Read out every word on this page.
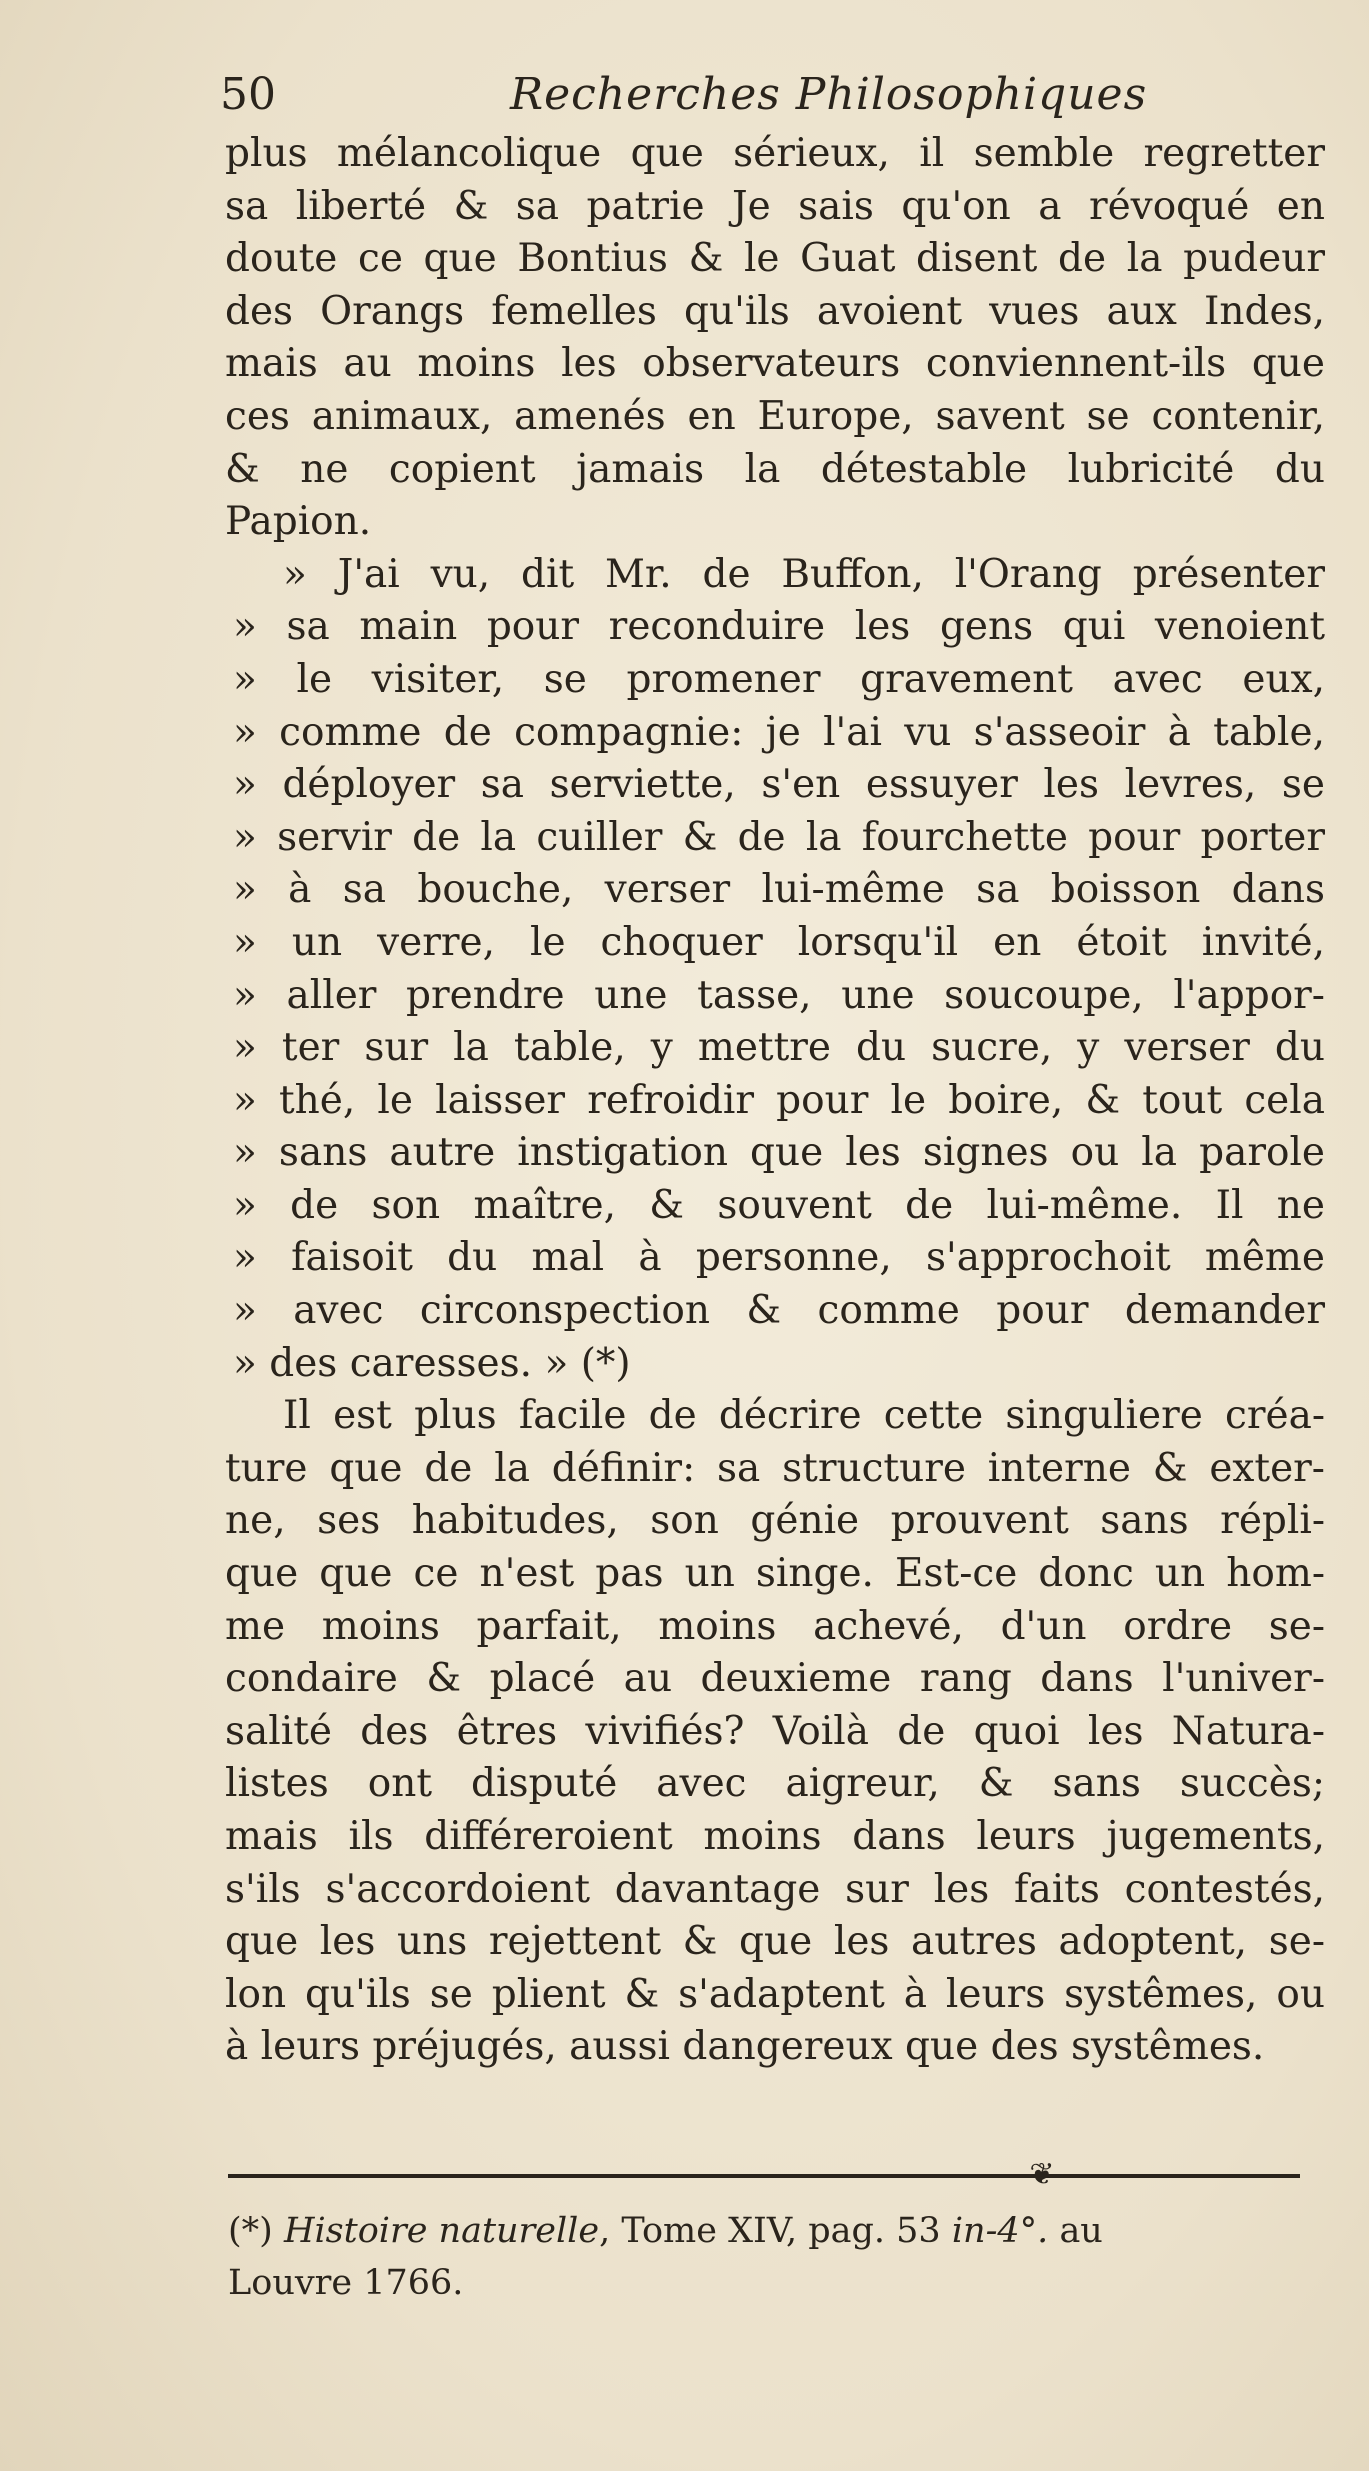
50	Recherches Philosophiques
plus mélancolique que sérieux, il semble regretter
sa liberté & sa patrie Je sais qu'on a révoqué en
doute ce que Bontius & le Guat disent de la pudeur
des Orangs femelles qu'ils avoient vues aux Indes,
mais au moins les observateurs conviennent-ils que
ces animaux, amenés en Europe, savent se contenir,
& ne copient jamais la détestable lubricité du
Papion.
» J'ai vu, dit Mr. de Buffon, l'Orang présenter
» sa main pour reconduire les gens qui venoient
» le visiter, se promener gravement avec eux,
» comme de compagnie: je l'ai vu s'asseoir à table,
» déployer sa serviette, s'en essuyer les levres, se
» servir de la cuiller & de la fourchette pour porter
» à sa bouche, verser lui-même sa boisson dans
» un verre, le choquer lorsqu'il en étoit invité,
» aller prendre une tasse, une soucoupe, l'appor-
» ter sur la table, y mettre du sucre, y verser du
» thé, le laisser refroidir pour le boire, & tout cela
» sans autre instigation que les signes ou la parole
» de son maître, & souvent de lui-même. Il ne
» faisoit du mal à personne, s'approchoit même
» avec circonspection & comme pour demander
» des caresses. » (*)
Il est plus facile de décrire cette singuliere créa-
ture que de la définir: sa structure interne & exter-
ne, ses habitudes, son génie prouvent sans répli-
que que ce n'est pas un singe. Est-ce donc un hom-
me moins parfait, moins achevé, d'un ordre se-
condaire & placé au deuxieme rang dans l'univer-
salité des êtres vivifiés? Voilà de quoi les Natura-
listes ont disputé avec aigreur, & sans succès;
mais ils différeroient moins dans leurs jugements,
s'ils s'accordoient davantage sur les faits contestés,
que les uns rejettent & que les autres adoptent, se-
lon qu'ils se plient & s'adaptent à leurs systêmes, ou
à leurs préjugés, aussi dangereux que des systêmes.
❦
(*) Histoire naturelle, Tome XIV, pag. 53 in-4°. au
Louvre 1766.
